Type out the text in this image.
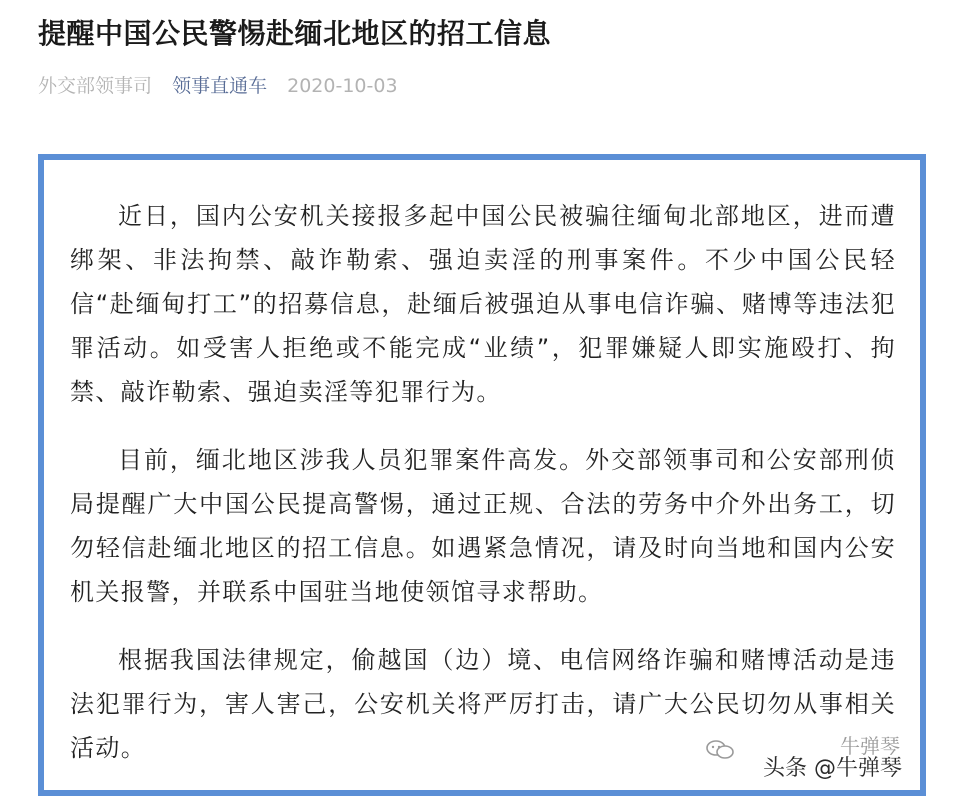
提醒中国公民警惕赴缅北地区的招工信息
外交部领事司 领事直通车 2020-10-03

近日，国内公安机关接报多起中国公民被骗往缅甸北部地区，进而遭绑架、非法拘禁、敲诈勒索、强迫卖淫的刑事案件。不少中国公民轻信“赴缅甸打工”的招募信息，赴缅后被强迫从事电信诈骗、赌博等违法犯罪活动。如受害人拒绝或不能完成“业绩”，犯罪嫌疑人即实施殴打、拘禁、敲诈勒索、强迫卖淫等犯罪行为。

目前，缅北地区涉我人员犯罪案件高发。外交部领事司和公安部刑侦局提醒广大中国公民提高警惕，通过正规、合法的劳务中介外出务工，切勿轻信赴缅北地区的招工信息。如遇紧急情况，请及时向当地和国内公安机关报警，并联系中国驻当地使领馆寻求帮助。

根据我国法律规定，偷越国（边）境、电信网络诈骗和赌博活动是违法犯罪行为，害人害己，公安机关将严厉打击，请广大公民切勿从事相关活动。	牛弹琴
头条 @牛弹琴
